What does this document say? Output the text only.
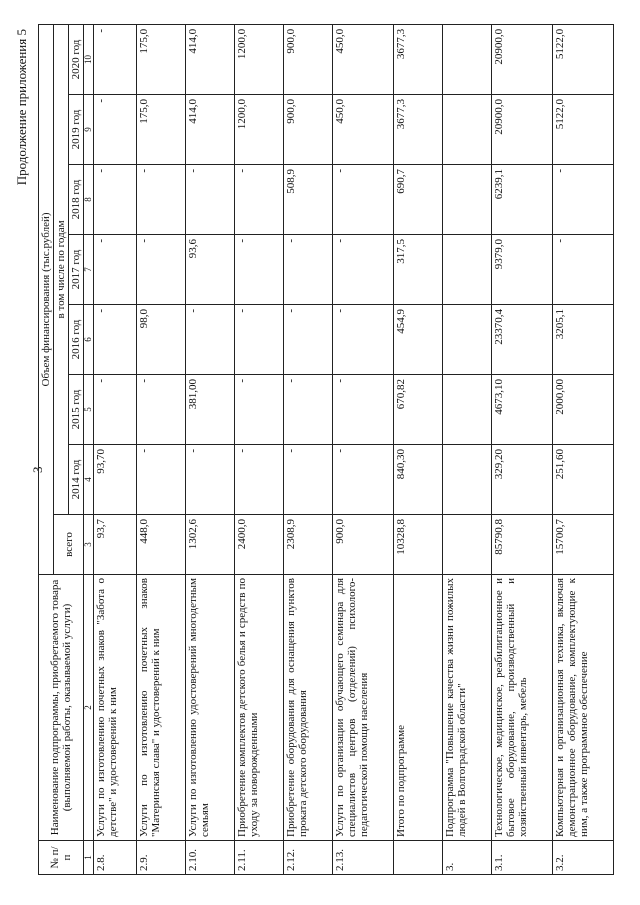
3
Продолжение приложения 5
№ п/п	Наименование подпрограммы, приобретаемого товара (выполняемой работы, оказываемой услуги)	Объем финансирования (тыс.рублей)							
		всего	в том числе по годам						
			2014 год	2015 год	2016 год	2017 год	2018 год	2019 год	2020 год
1	2	3	4	5	6	7	8	9	10
2.8.	Услуги по изготовлению почетных знаков "Забота о детстве" и удостоверений к ним	93,7	93,70	-	-	-	-	-	-
2.9.	Услуги по изготовлению почетных знаков "Материнская слава" и удостоверений к ним	448,0	-	-	98,0	-	-	175,0	175,0
2.10.	Услуги по изготовлению удостоверений многодетным семьям	1302,6	-	381,00	-	93,6	-	414,0	414,0
2.11.	Приобретение комплектов детского белья и средств по уходу за новорожденными	2400,0	-	-	-	-	-	1200,0	1200,0
2.12.	Приобретение оборудования для оснащения пунктов проката детского оборудования	2308,9	-	-	-	-	508,9	900,0	900,0
2.13.	Услуги по организации обучающего семинара для специалистов центров (отделений) психолого-педагогической помощи населения	900,0	-	-	-	-	-	450,0	450,0
	Итого по подпрограмме	10328,8	840,30	670,82	454,9	317,5	690,7	3677,3	3677,3
3.	Подпрограмма "Повышение качества жизни пожилых людей в Волгоградской области"								
3.1.	Технологическое, медицинское, реабилитационное и бытовое оборудование, производственный и хозяйственный инвентарь, мебель	85790,8	329,20	4673,10	23370,4	9379,0	6239,1	20900,0	20900,0
3.2.	Компьютерная и организационная техника, включая демонстрационное оборудование, комплектующие к ним, а также программное обеспечение	15700,7	251,60	2000,00	3205,1	-	-	5122,0	5122,0
